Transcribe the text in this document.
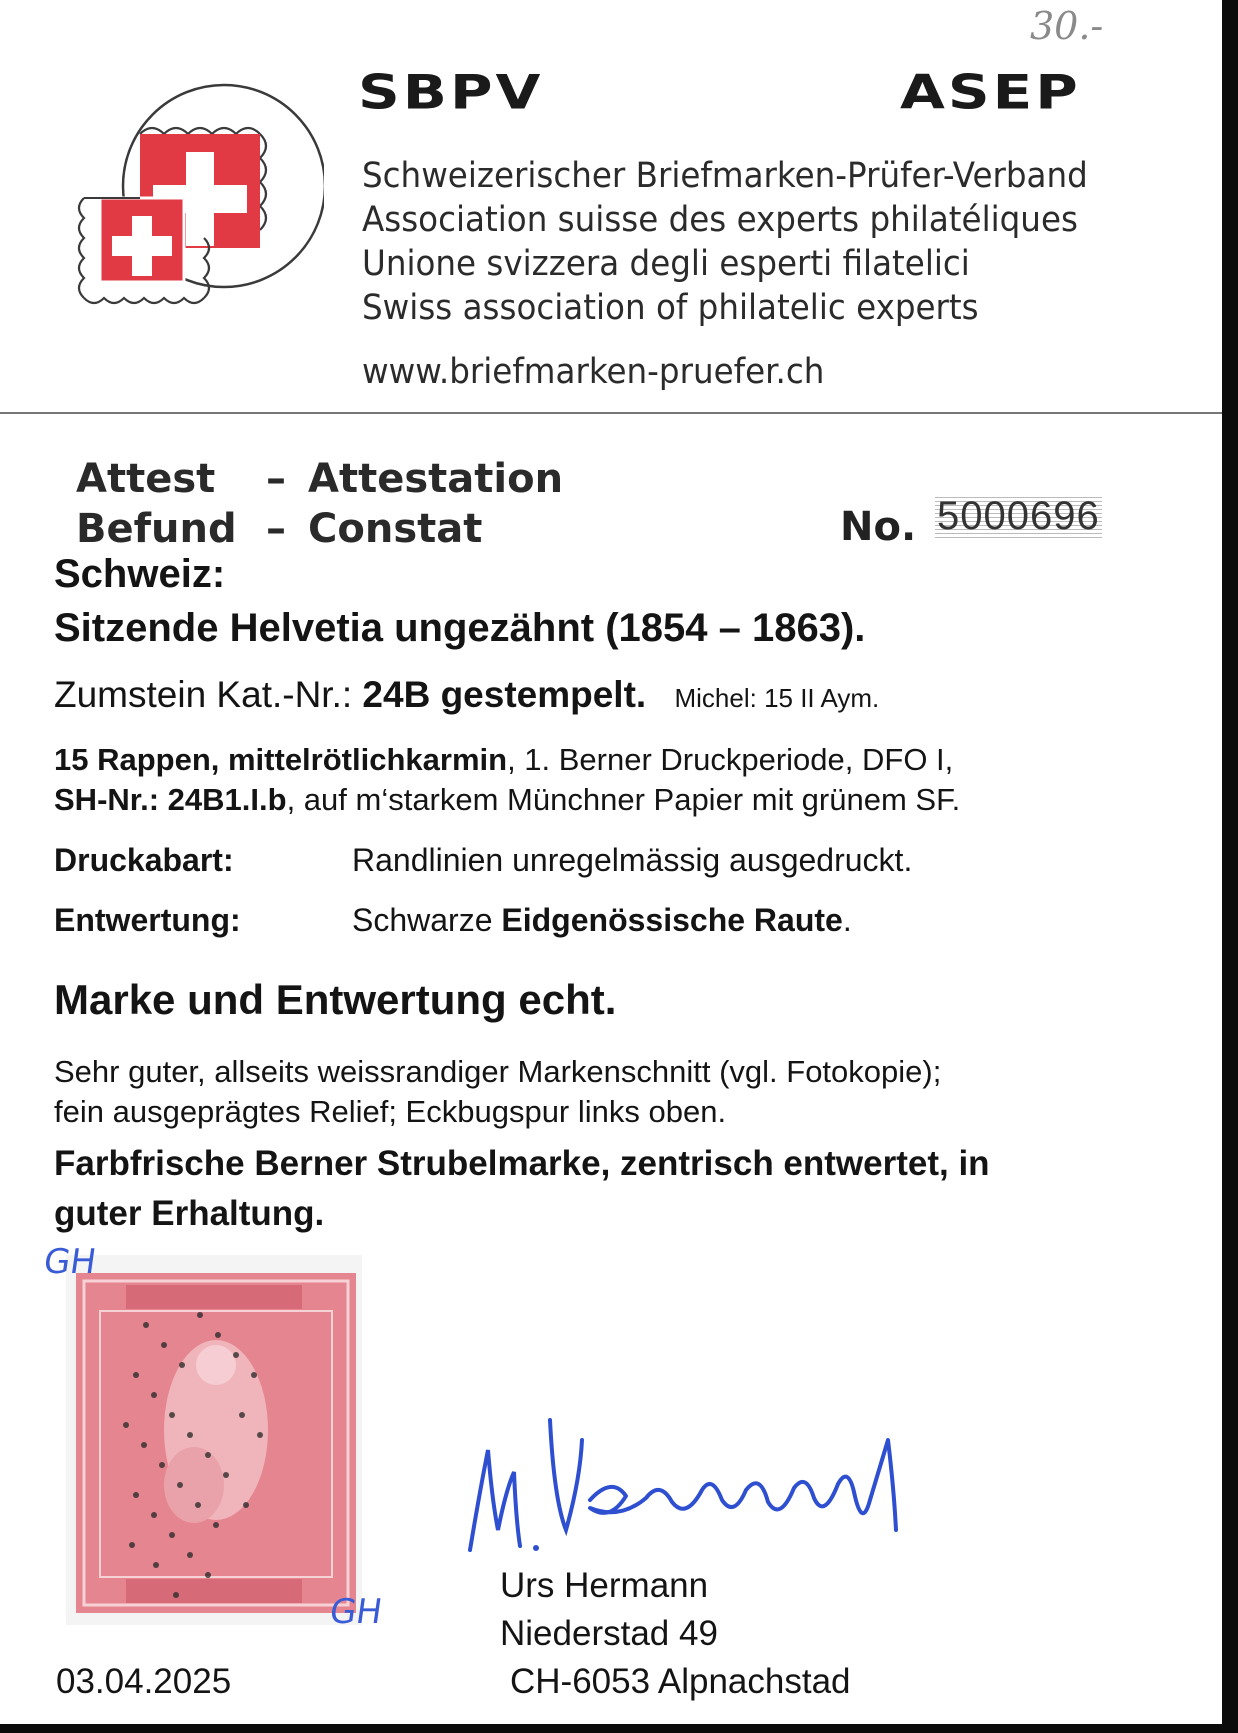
30.-
SBPV	ASEP

Schweizerischer Briefmarken-Prüfer-Verband

Association suisse des experts philatéliques

Unione svizzera degli esperti filatelici

Swiss association of philatelic experts

www.briefmarken-pruefer.ch

Attest – Attestation
Befund – Constat	No. 5000696
Schweiz:
Sitzende Helvetia ungezähnt (1854 – 1863).
Zumstein Kat.-Nr.: 24B gestempelt. Michel: 15 II Aym.
15 Rappen, mittelrötlichkarmin, 1. Berner Druckperiode, DFO I,
SH-Nr.: 24B1.I.b, auf m‘starkem Münchner Papier mit grünem SF.
Druckabart:	Randlinien unregelmässig ausgedruckt.
Entwertung:	Schwarze Eidgenössische Raute.
Marke und Entwertung echt.
Sehr guter, allseits weissrandiger Markenschnitt (vgl. Fotokopie);
fein ausgeprägtes Relief; Eckbugspur links oben.
Farbfrische Berner Strubelmarke, zentrisch entwertet, in
guter Erhaltung.
GH
GH
Urs Hermann
Niederstad 49
CH-6053 Alpnachstad
03.04.2025
